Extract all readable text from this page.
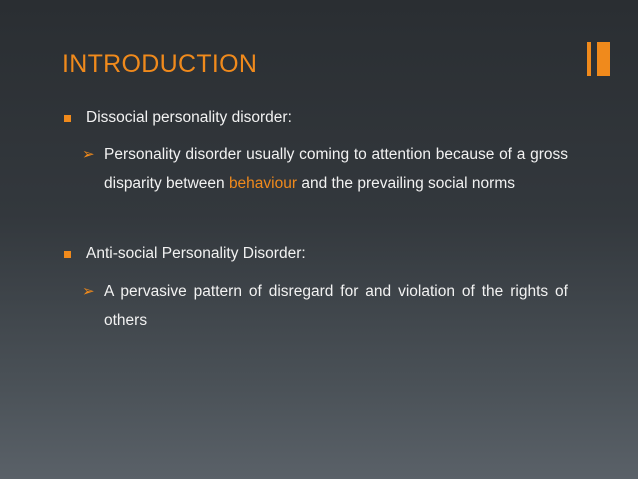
INTRODUCTION
Dissocial personality disorder:
➢ Personality disorder usually coming to attention because of a gross disparity between behaviour and the prevailing social norms
Anti-social Personality Disorder:
➢ A pervasive pattern of disregard for and violation of the rights of others
